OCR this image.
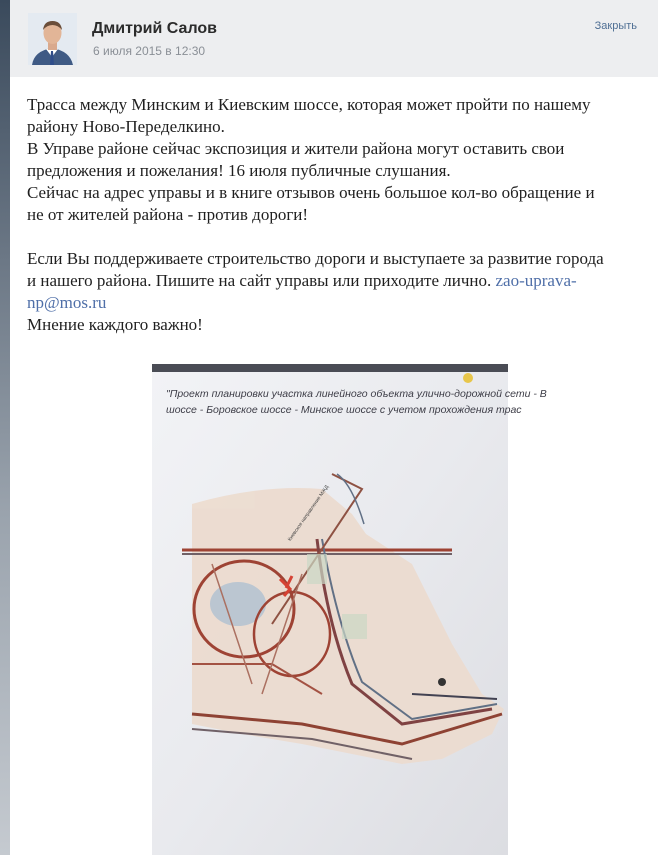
Дмитрий Салов
6 июля 2015 в 12:30
Закрыть

Трасса между Минским и Киевским шоссе, которая может пройти по нашему

району Ново-Переделкино.

В Управе районе сейчас экспозиция и жители района могут оставить свои

предложения и пожелания! 16 июля публичные слушания.

Сейчас на адрес управы и в книге отзывов очень большое кол-во обращение и

не от жителей района - против дороги!

Если Вы поддерживаете строительство дороги и выступаете за развитие города

и нашего района. Пишите на сайт управы или приходите лично. zao-uprava-

np@mos.ru

Мнение каждого важно!

"Проект планировки участка линейного объекта улично-дорожной сети - В
шоссе - Боровское шоссе - Минское шоссе с учетом прохождения трас
Киевское направление МЖД
